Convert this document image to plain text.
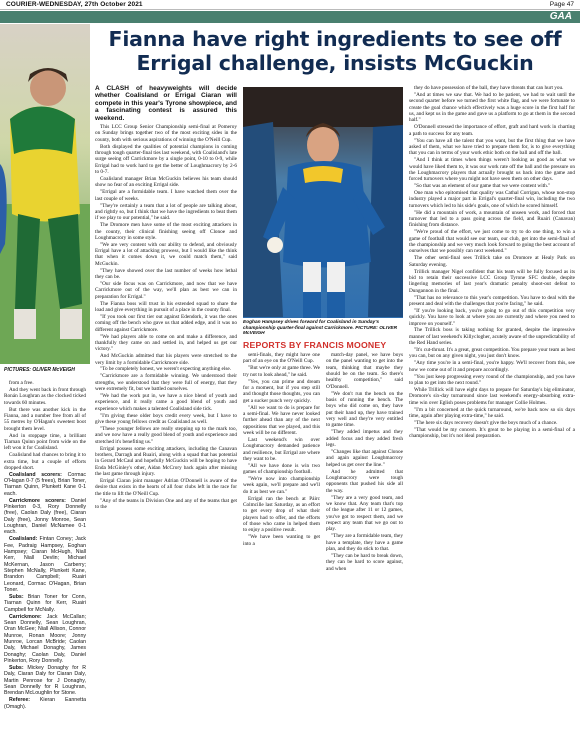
COURIER-WEDNESDAY, 27th October 2021	Page 47
GAA
PICTURES: OLIVER McVEIGH
Fianna have right ingredients to see off Errigal challenge, insists McGuckin

from a free.

And they went back in front through Ronán Loughran as the clocked ticked towards 60 minutes.

But there was another kick in the Fianna, and a number free from all of 55 metres by O'Hagan's sweetest boot brought them level.

And in stoppage time, a brilliant Tiarnan Quinn point from wide on the left won it for Coalisland.

Coalisland had chances to bring it to extra time, but a couple of efforts dropped short.

Coalisland scorers: Cormac O'Hagan 0-7 (5 frees), Brian Toner, Tiarnan Quinn, Plunkett Kane 0-1 each.

Carrickmore scorers: Daniel Pinkerton 0-3, Rory Donnelly (free), Caolan Daly (free), Ciaran Daly (free), Jonny Monroe, Sean Loughran, Daniel McNamee 0-1 each.

Coalisland: Fintan Coney; Jack Fee, Padraig Hampsey, Eoghan Hampsey; Ciaran McHugh, Niall Kerr, Niall Devlin; Michael McKernan, Jason Carberry; Stephen McNally, Plunkett Kane, Brandon Campbell; Ruairi Leonard, Cormac O'Hagan, Brian Toner.

Subs: Brian Toner for Conn, Tiarnan Quinn for Kerr, Ruairi Campbell for McNally.

Carrickmore: Jack McCallan; Sean Donnelly, Sean Loughran, Oran McGee; Niall Allison, Connor Munroe, Ronan Moore; Jonny Munroe, Lorcan McBride; Caolan Daly, Michael Donaghy, James Donaghy; Caolan Daly, Daniel Pinkerton, Rory Donnelly.

Subs: Mickey Donaghy for R Daly, Ciaran Daly for Ciaran Daly, Martin Penrose for J Donaghy, Sean Donnelly for R Loughran, Brendan McLoughlin for Stone.

Referee: Kieran Eannetta (Omagh).

A CLASH of heavyweights will decide whether Coalisland or Errigal Ciaran will compete in this year's Tyrone showpiece, and a fascinating contest is assured this weekend.

This LCC Group Senior Championship semi-final at Pomeroy on Sunday brings together two of the most exciting sides in the county, both with serious aspirations of winning the O'Neill Cup.

Both displayed the qualities of potential champions in coming through tough quarter-final ties last weekend, with Coalisland's late surge seeing off Carrickmore by a single point, 0-10 to 0-9, while Errigal had to work hard to get the better of Loughmacrory by 2-6 to 0-7.

Coalisland manager Brian McGuckin believes his team should show no fear of an exciting Errigal side.

"Errigal are a formidable team. I have watched them over the last couple of weeks.

"They're certainly a team that a lot of people are talking about, and rightly so, but I think that we have the ingredients to beat them if we play to our potential," he said.

The Dromore men have some of the most exciting attackers in the county, their clinical finishing seeing off Clonoe and Loughmacrory in some style.

"We are very content with our ability to defend, and obviously Errigal have a lot of attacking prowess, but I would like the think that when it comes down it, we could match them," said McGuckin.

"They have showed over the last number of weeks how lethal they can be.

"Our side focus was on Carrickmore, and now that we have Carrickmore out of the way, we'll plan as best we can in preparation for Errigal."

The Fianna boss will trust in his extended squad to share the load and give everything in pursuit of a place in the county final.

"If you took our first tier out against Edendork, it was the ones coming off the bench who gave us that added edge, and it was no different against Carrickmore.

"We had players able to come on and make a difference, and thankfully they came on and settled in, and helped us get our victory."

And McGuckin admitted that his players were stretched to the very limit by a formidable Carrickmore side.

"To be completely honest, we weren't expecting anything else.

"Carrickmore are a formidable winning. We understood their strengths, we understood that they were full of energy, that they were extremely fit, but we battled ourselves.

"We had the work put in, we have a nice blend of youth and experience, and it really came a good blend of youth and experience which makes a talented Coalisland side tick.

"I'm giving these older boys credit every week, but I have to give these young fellows credit as Coalisland as well.

"These younger fellows are really stepping up to the mark too, and we now have a really good blend of youth and experience and stretched it's benefiting us."

Errigal possess some exciting attackers, including the Canavan brothers, Darragh and Ruairi, along with a squad that has potential in Gerard McCaul and hopefully McGuckin will be hoping to have Enda McGinley's other, Aidan McCrory back again after missing the last game through injury.

Errigal Ciaran joint manager Adrian O'Donnell is aware of the desire that exists in the hearts of all four clubs left in the race for the title to lift the O'Neill Cup.

"Any of the teams in Division One and any of the teams that get to the

Eoghan Hampsey drives forward for Coalisland in Sunday's championship quarter-final against Carrickmore. PICTURE: OLIVER McVEIGH
REPORTS BY FRANCIS MOONEY

semi-finals, they might have one part of an eye on the O'Neill Cup.

"But we're only at game three. We try not to look ahead," he said.

"Yes, you can prime and dream for a moment, but if you step still and thought those thoughts, you can get a sucker punch very quickly.

"All we want to do is prepare for a semi-final. We have never looked further ahead than any of the next oppositions that we played, and this week will be no different.

Last weekend's win over Loughmacrory demanded patience and resilience, but Errigal are where they want to be.

"All we have done is win two games of championship football.

"We're now into championship week again, we'll prepare and we'll do it as best we can."

Errigal ran the bench at Páirc Colmcille last Saturday, as an effort to get every drop of what their players had to offer, and the efforts of those who came in helped them to enjoy a positive result.

"We have been wanting to get into a

match-day panel, we have boys on the panel wanting to get into the team, thinking that maybe they should be on the team. So there's healthy competition," said O'Donnell.

"We don't run the bench on the basis of running the bench. The boys who did come on, they have put their hand up, they have trained very well and they're very entitled to game time.

"They added impetus and they added focus and they added fresh legs.

"Changes like that against Clonoe and again against Loughmacrory helped us get over the line."

And he admitted that Loughmacrory were tough opponents that pushed his side all the way.

"They are a very good team, and we know that. Any team that's top of the league after 11 or 12 games, you've got to respect them, and we respect any team that we go out to play.

"They are a formidable team, they have a template, they have a game plan, and they do stick to that.

"They can be hard to break down, they can be hard to score against, and when

they do have possession of the ball, they have threats that can hurt you.

"And at times we saw that. We had to be patient, we had to wait until the second quarter before we turned the first white flag, and we were fortunate to create the goal chance which effectively was a huge score in the first half for us, and kept us in the game and gave us a platform to go at them in the second half."

O'Donnell stressed the importance of effort, graft and hard work in charting a path to success for any team.

"You can have all the talent that you want, but the first thing that we have asked of them, what we have tried to prepare them for, is to give everything that you can in terms of your work ethic both on the ball and off the ball.

"And I think at times when things weren't looking as good as what we would have liked them to, it was our work rate off the ball and the pressure on the Loughmacrory players that actually brought us back into the game and forced turnovers where you might not have seen them on other days.

"So that was an element of our game that we were content with."

One man who epitomised that quality was Cathal Corrigan, whose non-stop industry played a major part in Errigal's quarter-final win, including the two turnovers which led to his side's goals, one of which he scored himself.

"He did a mountain of work, a mountain of unseen work, and forced that turnover that led to a pass going across the field, and Ruairi (Canavan) finishing from distance.

"We're proud of the effort, we just come to try to do one thing, to win a game of football that would see our team, our club, get into the semi-final of the championship and we very much look forward to going the best account of ourselves that we possibly can next weekend."

The other semi-final sees Trillick take on Dromore at Healy Park on Saturday evening.

Trillick manager Nigel confident that his team will be fully focused as its bid to retain their successive LCC Group Tyrone SFC double, despite lingering memories of last year's dramatic penalty shoot-out defeat to Dungannon in the final.

"That has no relevance to this year's competition. You have to deal with the present and deal with the challenges that you're facing," he said.

"If you're looking back, you're going to go out of this competition very quickly. You have to look at where you are currently and where you need to improve on yourself."

The Trillick boss is taking nothing for granted, despite the impressive manner of last weekend's Killyclogher, acutely aware of the unpredictability of the Red Hand series.

"It's cut-throat. It's a great, great competition. You prepare your team as best you can, but on any given night, you just don't know.

"Any time you're in a semi-final, you're happy. We'll recover from this, see how we come out of it and prepare accordingly.

"You just keep progressing every round of the championship, and you have to plan to get into the next round."

While Trillick will have eight days to prepare for Saturday's big eliminator, Dromore's six-day turnaround since last weekend's energy-absorbing extra-time win over Eglish poses problems for manager Collie Holmes.

"I'm a bit concerned at the quick turnaround, we're back now so six days time, again after playing extra-time," he said.

"The here six days recovery doesn't give the boys much of a chance.

"That would be my concern. It's great to be playing in a semi-final of a championship, but it's not ideal preparation.
